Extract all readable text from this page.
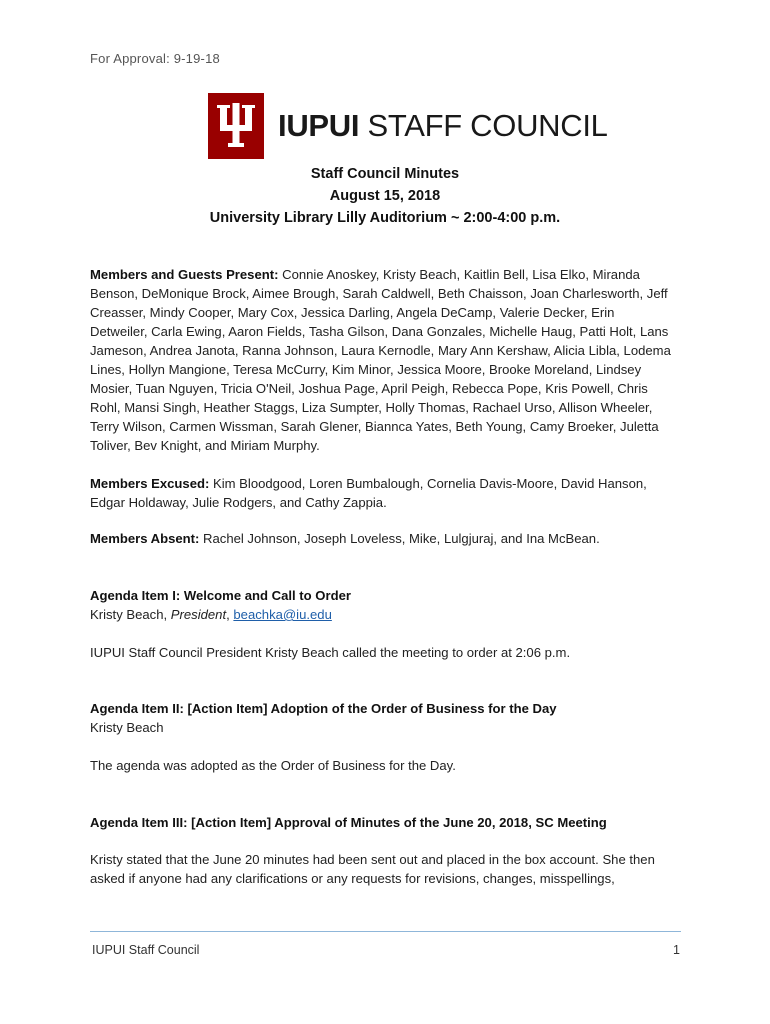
For Approval: 9-19-18
IUPUI STAFF COUNCIL
Staff Council Minutes
August 15, 2018
University Library Lilly Auditorium ~ 2:00-4:00 p.m.
Members and Guests Present: Connie Anoskey, Kristy Beach, Kaitlin Bell, Lisa Elko, Miranda Benson, DeMonique Brock, Aimee Brough, Sarah Caldwell, Beth Chaisson, Joan Charlesworth, Jeff Creasser, Mindy Cooper, Mary Cox, Jessica Darling, Angela DeCamp, Valerie Decker, Erin Detweiler, Carla Ewing, Aaron Fields, Tasha Gilson, Dana Gonzales, Michelle Haug, Patti Holt, Lans Jameson, Andrea Janota, Ranna Johnson, Laura Kernodle, Mary Ann Kershaw, Alicia Libla, Lodema Lines, Hollyn Mangione, Teresa McCurry, Kim Minor, Jessica Moore, Brooke Moreland, Lindsey Mosier, Tuan Nguyen, Tricia O'Neil, Joshua Page, April Peigh, Rebecca Pope, Kris Powell, Chris Rohl, Mansi Singh, Heather Staggs, Liza Sumpter, Holly Thomas, Rachael Urso, Allison Wheeler, Terry Wilson, Carmen Wissman, Sarah Glener, Biannca Yates, Beth Young, Camy Broeker, Juletta Toliver, Bev Knight, and Miriam Murphy.
Members Excused: Kim Bloodgood, Loren Bumbalough, Cornelia Davis-Moore, David Hanson, Edgar Holdaway, Julie Rodgers, and Cathy Zappia.
Members Absent: Rachel Johnson, Joseph Loveless, Mike, Lulgjuraj, and Ina McBean.
Agenda Item I: Welcome and Call to Order
Kristy Beach, President, beachka@iu.edu
IUPUI Staff Council President Kristy Beach called the meeting to order at 2:06 p.m.
Agenda Item II: [Action Item] Adoption of the Order of Business for the Day
Kristy Beach
The agenda was adopted as the Order of Business for the Day.
Agenda Item III: [Action Item] Approval of Minutes of the June 20, 2018, SC Meeting
Kristy stated that the June 20 minutes had been sent out and placed in the box account. She then asked if anyone had any clarifications or any requests for revisions, changes, misspellings,
IUPUI Staff Council	1
